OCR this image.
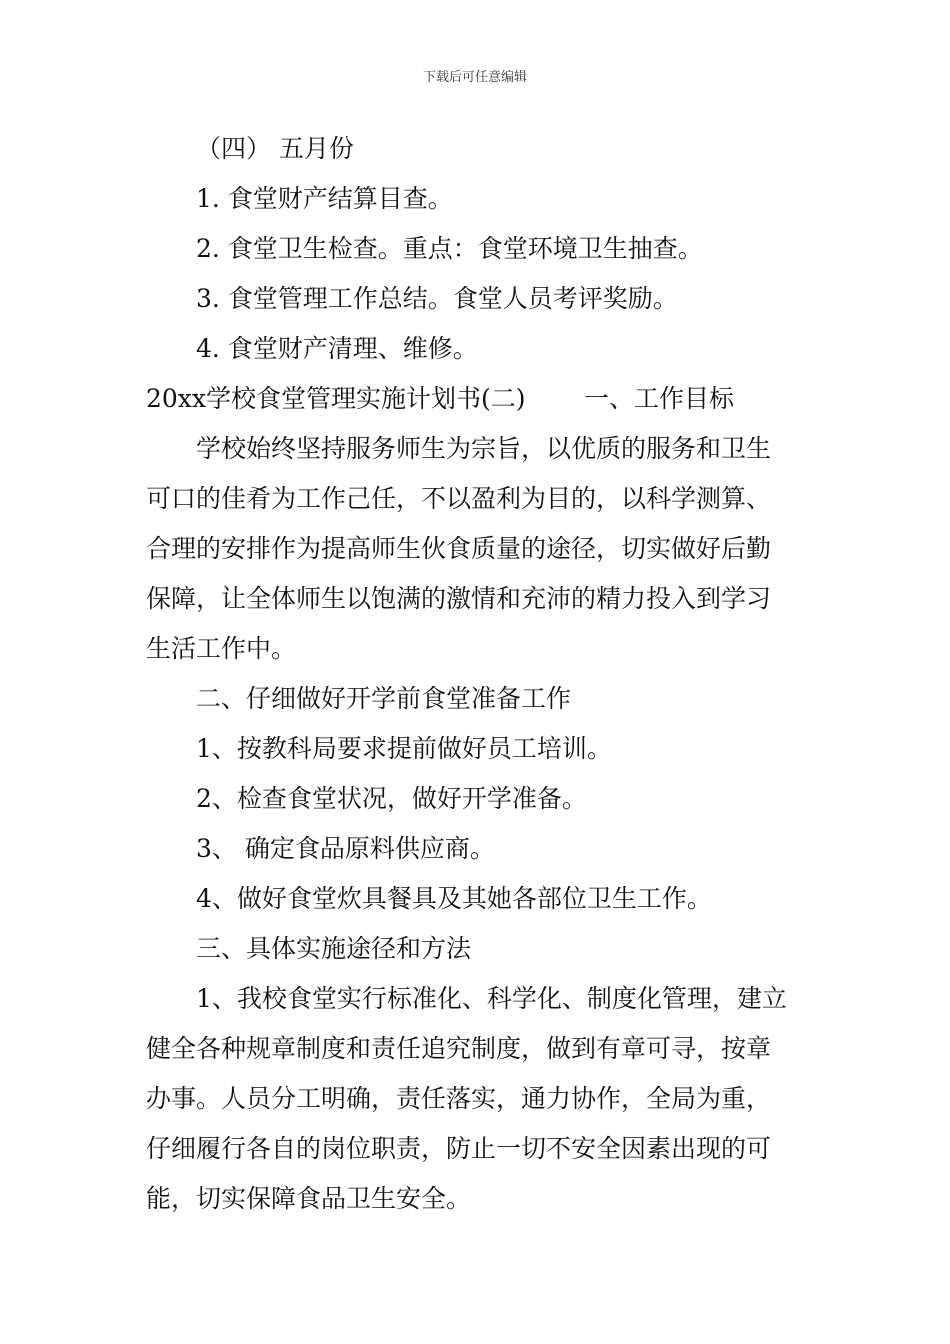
下载后可任意编辑
（四） 五月份
1. 食堂财产结算目查。
2. 食堂卫生检查。重点：食堂环境卫生抽查。
3. 食堂管理工作总结。食堂人员考评奖励。
4. 食堂财产清理、维修。
20xx学校食堂管理实施计划书(二)	一、工作目标
学校始终坚持服务师生为宗旨，以优质的服务和卫生
可口的佳肴为工作己任，不以盈利为目的，以科学测算、
合理的安排作为提高师生伙食质量的途径，切实做好后勤
保障，让全体师生以饱满的激情和充沛的精力投入到学习
生活工作中。
二、仔细做好开学前食堂准备工作
1、按教科局要求提前做好员工培训。
2、检查食堂状况，做好开学准备。
3、 确定食品原料供应商。
4、做好食堂炊具餐具及其她各部位卫生工作。
三、具体实施途径和方法
1、我校食堂实行标准化、科学化、制度化管理，建立
健全各种规章制度和责任追究制度，做到有章可寻，按章
办事。人员分工明确，责任落实，通力协作，全局为重，
仔细履行各自的岗位职责，防止一切不安全因素出现的可
能，切实保障食品卫生安全。
